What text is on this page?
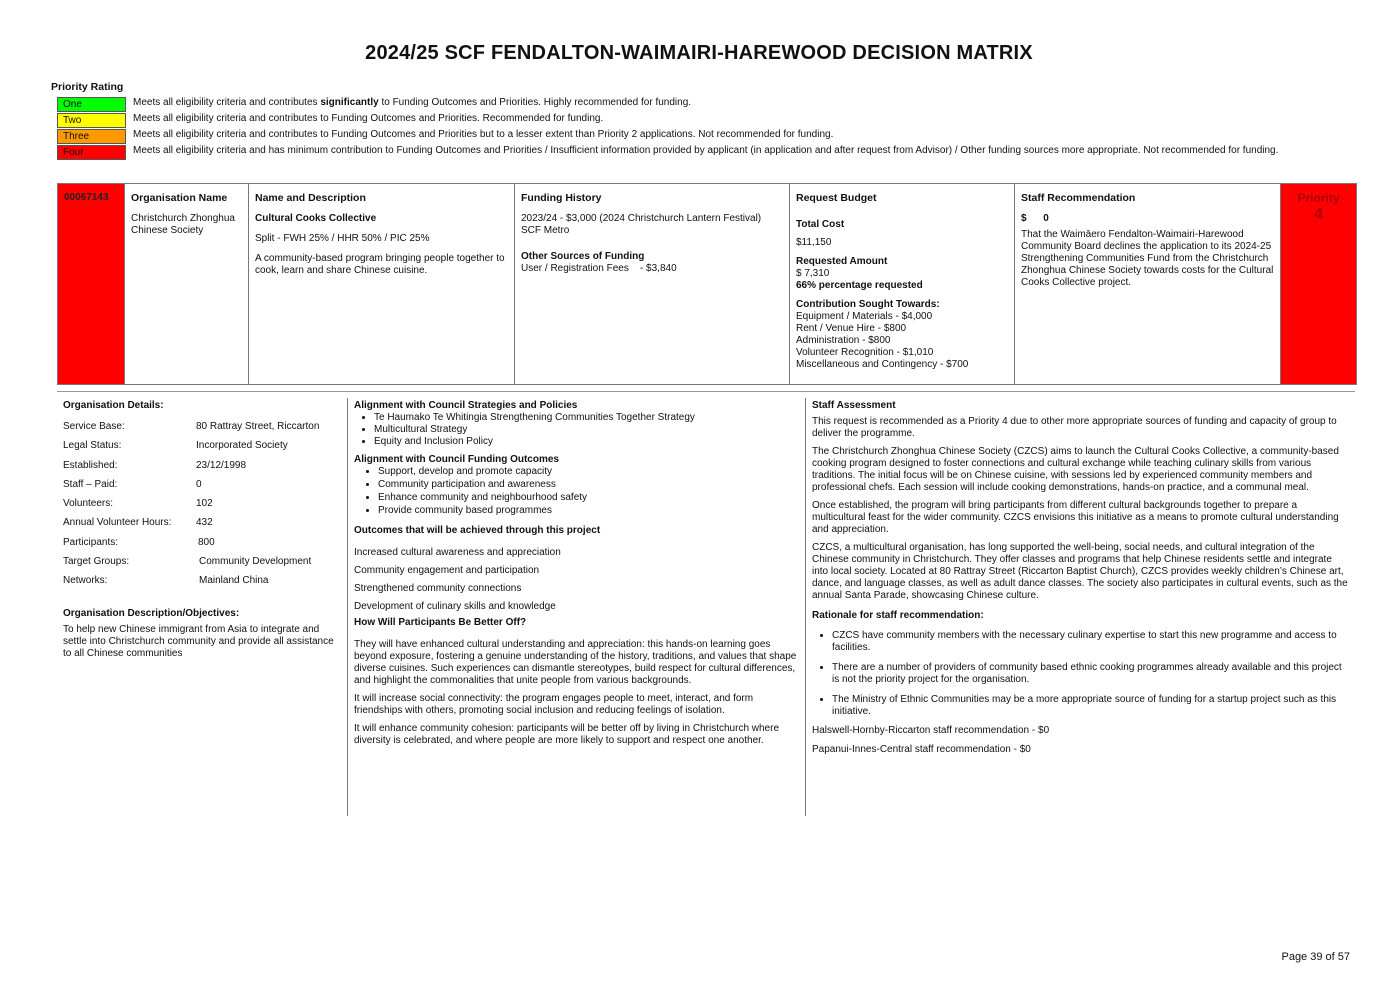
2024/25 SCF FENDALTON-WAIMAIRI-HAREWOOD DECISION MATRIX
Priority Rating
One	Meets all eligibility criteria and contributes significantly to Funding Outcomes and Priorities. Highly recommended for funding.
Two	Meets all eligibility criteria and contributes to Funding Outcomes and Priorities. Recommended for funding.
Three	Meets all eligibility criteria and contributes to Funding Outcomes and Priorities but to a lesser extent than Priority 2 applications. Not recommended for funding.
Four	Meets all eligibility criteria and has minimum contribution to Funding Outcomes and Priorities / Insufficient information provided by applicant (in application and after request from Advisor) / Other funding sources more appropriate. Not recommended for funding.
00067143	Organisation Name
Christchurch Zhonghua Chinese Society
Name and Description
Cultural Cooks Collective
Split - FWH 25% / HHR 50% / PIC 25%
A community-based program bringing people together to cook, learn and share Chinese cuisine.
Funding History
2023/24 - $3,000 (2024 Christchurch Lantern Festival) SCF Metro
Other Sources of Funding
User / Registration Fees    - $3,840
Request Budget
Total Cost
$11,150
Requested Amount
$ 7,310
66% percentage requested
Contribution Sought Towards:
Equipment / Materials - $4,000
Rent / Venue Hire - $800
Administration - $800
Volunteer Recognition - $1,010
Miscellaneous and Contingency - $700
Staff Recommendation
$      0
That the Waimāero Fendalton-Waimairi-Harewood Community Board declines the application to its 2024-25 Strengthening Communities Fund from the Christchurch Zhonghua Chinese Society towards costs for the Cultural Cooks Collective project.
Priority
4
Organisation Details:
Service Base:	80 Rattray Street, Riccarton
Legal Status:	Incorporated Society
Established:	23/12/1998
Staff – Paid:	0
Volunteers:	102
Annual Volunteer Hours:	432
Participants:	800
Target Groups:	Community Development
Networks:	Mainland China
Organisation Description/Objectives:
To help new Chinese immigrant from Asia to integrate and settle into Christchurch community and provide all assistance to all Chinese communities
Alignment with Council Strategies and Policies
• Te Haumako Te Whitingia Strengthening Communities Together Strategy
• Multicultural Strategy
• Equity and Inclusion Policy
Alignment with Council Funding Outcomes
• Support, develop and promote capacity
• Community participation and awareness
• Enhance community and neighbourhood safety
• Provide community based programmes
Outcomes that will be achieved through this project
Increased cultural awareness and appreciation
Community engagement and participation
Strengthened community connections
Development of culinary skills and knowledge
How Will Participants Be Better Off?
They will have enhanced cultural understanding and appreciation: this hands-on learning goes beyond exposure, fostering a genuine understanding of the history, traditions, and values that shape diverse cuisines. Such experiences can dismantle stereotypes, build respect for cultural differences, and highlight the commonalities that unite people from various backgrounds.
It will increase social connectivity: the program engages people to meet, interact, and form friendships with others, promoting social inclusion and reducing feelings of isolation.
It will enhance community cohesion: participants will be better off by living in Christchurch where diversity is celebrated, and where people are more likely to support and respect one another.
Staff Assessment
This request is recommended as a Priority 4 due to other more appropriate sources of funding and capacity of group to deliver the programme.
The Christchurch Zhonghua Chinese Society (CZCS) aims to launch the Cultural Cooks Collective, a community-based cooking program designed to foster connections and cultural exchange while teaching culinary skills from various traditions. The initial focus will be on Chinese cuisine, with sessions led by experienced community members and professional chefs. Each session will include cooking demonstrations, hands-on practice, and a communal meal.
Once established, the program will bring participants from different cultural backgrounds together to prepare a multicultural feast for the wider community. CZCS envisions this initiative as a means to promote cultural understanding and appreciation.
CZCS, a multicultural organisation, has long supported the well-being, social needs, and cultural integration of the Chinese community in Christchurch. They offer classes and programs that help Chinese residents settle and integrate into local society. Located at 80 Rattray Street (Riccarton Baptist Church), CZCS provides weekly children’s Chinese art, dance, and language classes, as well as adult dance classes. The society also participates in cultural events, such as the annual Santa Parade, showcasing Chinese culture.
Rationale for staff recommendation:
• CZCS have community members with the necessary culinary expertise to start this new programme and access to facilities.
• There are a number of providers of community based ethnic cooking programmes already available and this project is not the priority project for the organisation.
• The Ministry of Ethnic Communities may be a more appropriate source of funding for a startup project such as this initiative.
Halswell-Hornby-Riccarton staff recommendation - $0
Papanui-Innes-Central staff recommendation - $0
Page 39 of 57
